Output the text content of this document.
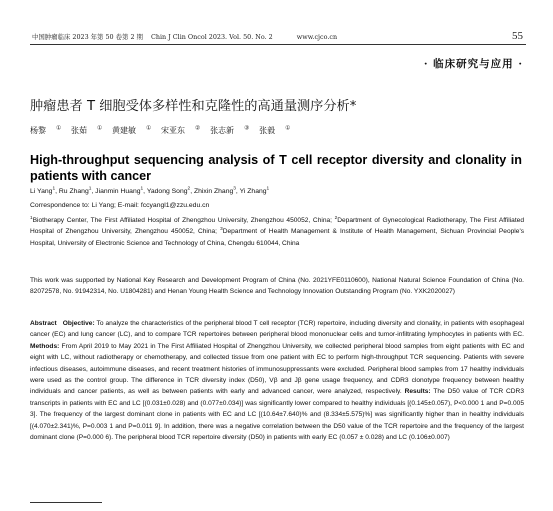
中国肿瘤临床 2023 年第 50 卷第 2 期 Chin J Clin Oncol 2023. Vol. 50. No. 2	www.cjco.cn	55
· 临床研究与应用 ·
肿瘤患者 T 细胞受体多样性和克隆性的高通量测序分析*
杨黎 ① 张茹 ① 黄建敏 ① 宋亚东 ② 张志新 ③ 张毅 ①
High-throughput sequencing analysis of T cell receptor diversity and clonality in patients with cancer
Li Yang$^1$, Ru Zhang$^1$, Jianmin Huang$^1$, Yadong Song$^2$, Zhixin Zhang$^3$, Yi Zhang$^1$
Correspondence to: Li Yang; E-mail: fccyangl1@zzu.edu.cn
$^1$Biotherapy Center, The First Affiliated Hospital of Zhengzhou University, Zhengzhou 450052, China; $^2$Department of Gynecological Radiotherapy, The First Affiliated Hospital of Zhengzhou University, Zhengzhou 450052, China; $^3$Department of Health Management & Institute of Health Management, Sichuan Provincial People's Hospital, University of Electronic Science and Technology of China, Chengdu 610044, China
This work was supported by National Key Research and Development Program of China (No. 2021YFE0110600), National Natural Science Foundation of China (No. 82072578, No. 91942314, No. U1804281) and Henan Young Health Science and Technology Innovation Outstanding Program (No. YXK2020027)
Abstract Objective: To analyze the characteristics of the peripheral blood T cell receptor (TCR) repertoire, including diversity and clonality, in patients with esophageal cancer (EC) and lung cancer (LC), and to compare TCR repertoires between peripheral blood mononuclear cells and tumor-infiltrating lymphocytes in patients with EC. Methods: From April 2019 to May 2021 in The First Affiliated Hospital of Zhengzhou University, we collected peripheral blood samples from eight patients with EC and eight with LC, without radiotherapy or chemotherapy, and collected tissue from one patient with EC to perform high-throughput TCR sequencing. Patients with severe infectious diseases, autoimmune diseases, and recent treatment histories of immunosuppressants were excluded. Peripheral blood samples from 17 healthy individuals were used as the control group. The difference in TCR diversity index (D50), Vβ and Jβ gene usage frequency, and CDR3 clonotype frequency between healthy individuals and cancer patients, as well as between patients with early and advanced cancer, were analyzed, respectively. Results: The D50 value of TCR CDR3 transcripts in patients with EC and LC [(0.031±0.028) and (0.077±0.034)] was significantly lower compared to healthy individuals [(0.145±0.057), P<0.000 1 and P=0.005 3]. The frequency of the largest dominant clone in patients with EC and LC [(10.64±7.640)% and (8.334±5.575)%] was significantly higher than in healthy individuals [(4.070±2.341)%, P=0.003 1 and P=0.011 9]. In addition, there was a negative correlation between the D50 value of the TCR repertoire and the frequency of the largest dominant clone (P=0.000 6). The peripheral blood TCR repertoire diversity (D50) in patients with early EC (0.057 ± 0.028) and LC (0.106±0.007)
